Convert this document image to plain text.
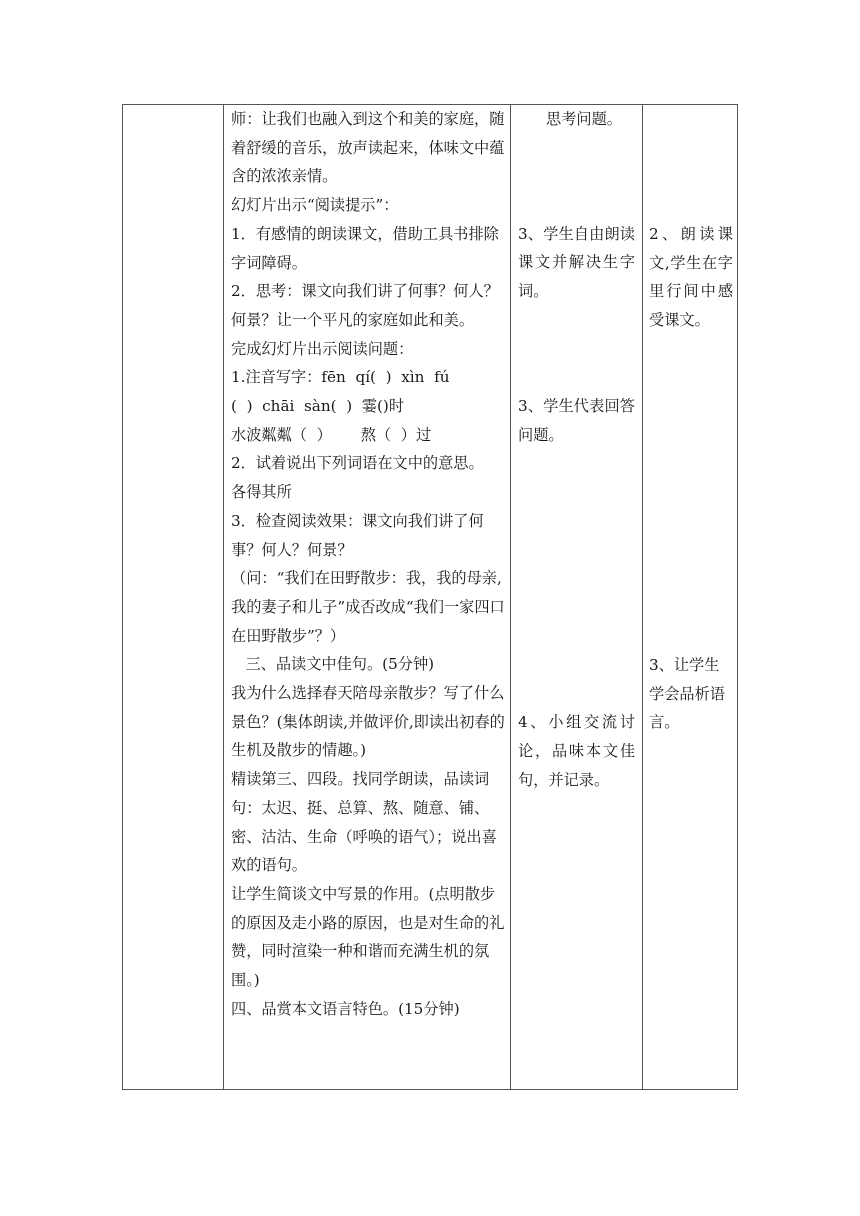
师：让我们也融入到这个和美的家庭，随着舒缓的音乐，放声读起来，体味文中蕴含的浓浓亲情。

幻灯片出示“阅读提示”：

1．有感情的朗读课文，借助工具书排除字词障碍。

2．思考：课文向我们讲了何事？何人？何景？让一个平凡的家庭如此和美。

完成幻灯片出示阅读问题：

1.注音写字：fēn  qí(  )  xìn  fú

(  )  chāi  sàn(  )  霎()时

水波粼粼（  ）      熬（  ）过

2．试着说出下列词语在文中的意思。

各得其所

3．检查阅读效果：课文向我们讲了何事？何人？何景？

（问：“我们在田野散步：我，我的母亲,我的妻子和儿子”成否改成“我们一家四口在田野散步”？）

三、品读文中佳句。(5分钟)

我为什么选择春天陪母亲散步？写了什么景色？(集体朗读,并做评价,即读出初春的生机及散步的情趣。)

精读第三、四段。找同学朗读，品读词句：太迟、挺、总算、熬、随意、铺、密、沽沽、生命（呼唤的语气）；说出喜欢的语句。

让学生简谈文中写景的作用。(点明散步的原因及走小路的原因，也是对生命的礼赞，同时渲染一种和谐而充满生机的氛围。)

四、品赏本文语言特色。(15分钟)

思考问题。

3、学生自由朗读课文并解决生字词。

3、学生代表回答问题。

4、小组交流讨论，品味本文佳句，并记录。

2、朗读课文,学生在字里行间中感受课文。

3、让学生学会品析语言。
